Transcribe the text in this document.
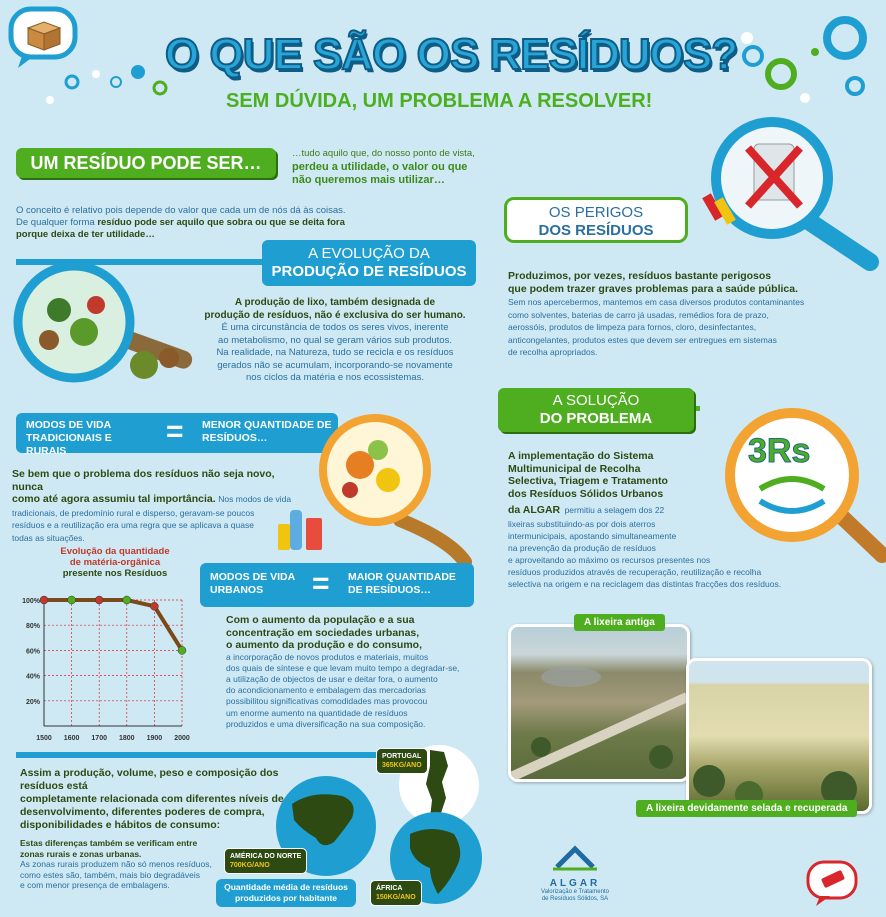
O QUE SÃO OS RESÍDUOS?
SEM DÚVIDA, UM PROBLEMA A RESOLVER!
UM RESÍDUO PODE SER…	…tudo aquilo que, do nosso ponto de vista,
perdeu a utilidade, o valor ou que
não queremos mais utilizar…
O conceito é relativo pois depende do valor que cada um de nós dá às coisas.
De qualquer forma resíduo pode ser aquilo que sobra ou que se deita fora
porque deixa de ter utilidade…
A EVOLUÇÃO DA
PRODUÇÃO DE RESÍDUOS
A produção de lixo, também designada de
produção de resíduos, não é exclusiva do ser humano.
É uma circunstância de todos os seres vivos, inerente
ao metabolismo, no qual se geram vários sub produtos.
Na realidade, na Natureza, tudo se recicla e os resíduos
gerados não se acumulam, incorporando-se novamente
nos ciclos da matéria e nos ecossistemas.
MODOS DE VIDA TRADICIONAIS E RURAIS
= MENOR QUANTIDADE DE RESÍDUOS…
Se bem que o problema dos resíduos não seja novo, nunca
como até agora assumiu tal importância. Nos modos de vida
tradicionais, de predomínio rural e disperso, geravam-se poucos
resíduos e a reutilização era uma regra que se aplicava a quase
todas as situações.
Evolução da quantidade
de matéria-orgânica
presente nos Resíduos
100%
80%
60%
40%
20%
1500 1600 1700 1800 1900 2000
MODOS DE VIDA URBANOS	= MAIOR QUANTIDADE DE RESÍDUOS…
Com o aumento da população e a sua
concentração em sociedades urbanas,
o aumento da produção e do consumo,
a incorporação de novos produtos e materiais, muitos
dos quais de síntese e que levam muito tempo a degradar-se,
a utilização de objectos de usar e deitar fora, o aumento
do acondicionamento e embalagem das mercadorias
possibilitou significativas comodidades mas provocou
um enorme aumento na quantidade de resíduos
produzidos e uma diversificação na sua composição.
Assim a produção, volume, peso e composição dos resíduos está
completamente relacionada com diferentes níveis de
desenvolvimento, diferentes poderes de compra,
disponibilidades e hábitos de consumo:
Estas diferenças também se verificam entre
zonas rurais e zonas urbanas.
As zonas rurais produzem não só menos resíduos,
como estes são, também, mais bio degradáveis
e com menor presença de embalagens.
PORTUGAL
365KG/ANO
AMÉRICA DO NORTE
700KG/ANO
ÁFRICA
150KG/ANO
Quantidade média de resíduos
produzidos por habitante
OS PERIGOS
DOS RESÍDUOS
Produzimos, por vezes, resíduos bastante perigosos
que podem trazer graves problemas para a saúde pública.
Sem nos apercebermos, mantemos em casa diversos produtos contaminantes
como solventes, baterias de carro já usadas, remédios fora de prazo,
aerossóis, produtos de limpeza para fornos, cloro, desinfectantes,
anticongelantes, produtos estes que devem ser entregues em sistemas
de recolha apropriados.
A SOLUÇÃO
DO PROBLEMA
3Rs
A implementação do Sistema
Multimunicipal de Recolha
Selectiva, Triagem e Tratamento
dos Resíduos Sólidos Urbanos
da ALGAR permitiu a selagem dos 22
lixeiras substituindo-as por dois aterros
intermunicipais, apostando simultaneamente
na prevenção da produção de resíduos
e aproveitando ao máximo os recursos presentes nos
resíduos produzidos através de recuperação, reutilização e recolha
selectiva na origem e na reciclagem das distintas fracções dos resíduos.
A lixeira antiga
A lixeira devidamente selada e recuperada
ALGAR
Valorização e Tratamento
de Resíduos Sólidos, SA
